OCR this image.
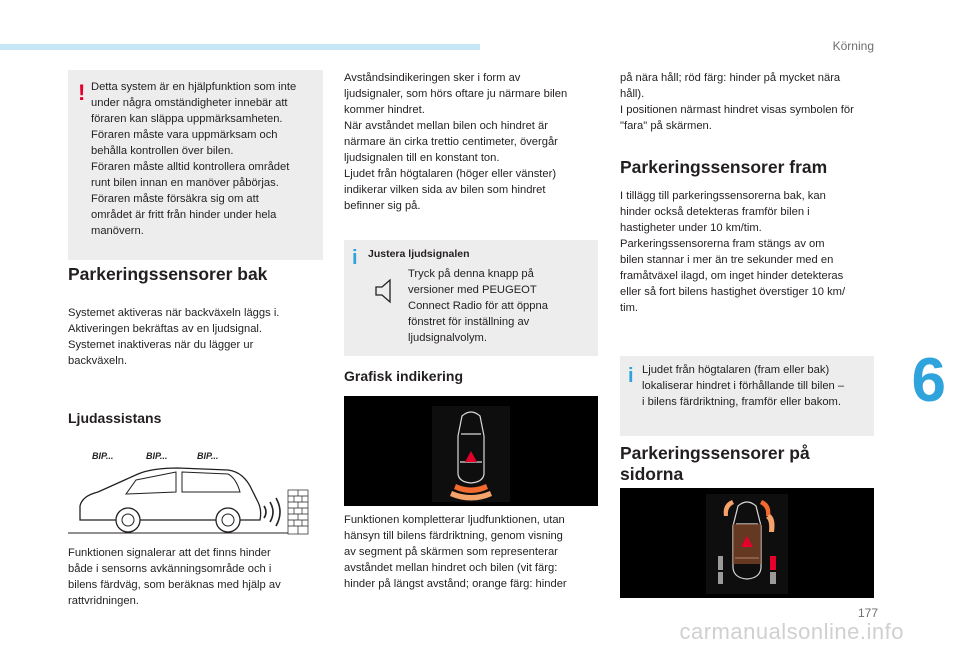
Körning
6
! Detta system är en hjälpfunktion som inte
under några omständigheter innebär att
föraren kan släppa uppmärksamheten.
Föraren måste vara uppmärksam och
behålla kontrollen över bilen.
Föraren måste alltid kontrollera området
runt bilen innan en manöver påbörjas.
Föraren måste försäkra sig om att
området är fritt från hinder under hela
manövern.

Parkeringssensorer bak

Systemet aktiveras när backväxeln läggs i.
Aktiveringen bekräftas av en ljudsignal.
Systemet inaktiveras när du lägger ur
backväxeln.

Ljudassistans
BIP...	BIP...	BIP...

Funktionen signalerar att det finns hinder
både i sensorns avkänningsområde och i
bilens färdväg, som beräknas med hjälp av
rattvridningen.

Avståndsindikeringen sker i form av
ljudsignaler, som hörs oftare ju närmare bilen
kommer hindret.
När avståndet mellan bilen och hindret är
närmare än cirka trettio centimeter, övergår
ljudsignalen till en konstant ton.
Ljudet från högtalaren (höger eller vänster)
indikerar vilken sida av bilen som hindret
befinner sig på.

i Justera ljudsignalen

Tryck på denna knapp på
versioner med PEUGEOT
Connect Radio för att öppna
fönstret för inställning av
ljudsignalvolym.

Grafisk indikering

Funktionen kompletterar ljudfunktionen, utan
hänsyn till bilens färdriktning, genom visning
av segment på skärmen som representerar
avståndet mellan hindret och bilen (vit färg:
hinder på längst avstånd; orange färg: hinder

på nära håll; röd färg: hinder på mycket nära
håll).
I positionen närmast hindret visas symbolen för
"fara" på skärmen.

Parkeringssensorer fram

I tillägg till parkeringssensorerna bak, kan
hinder också detekteras framför bilen i
hastigheter under 10 km/tim.
Parkeringssensorerna fram stängs av om
bilen stannar i mer än tre sekunder med en
framåtväxel ilagd, om inget hinder detekteras
eller så fort bilens hastighet överstiger 10 km/
tim.

i Ljudet från högtalaren (fram eller bak)
lokaliserar hindret i förhållande till bilen –
i bilens färdriktning, framför eller bakom.

Parkeringssensorer på
sidorna
177
carmanualsonline.info
